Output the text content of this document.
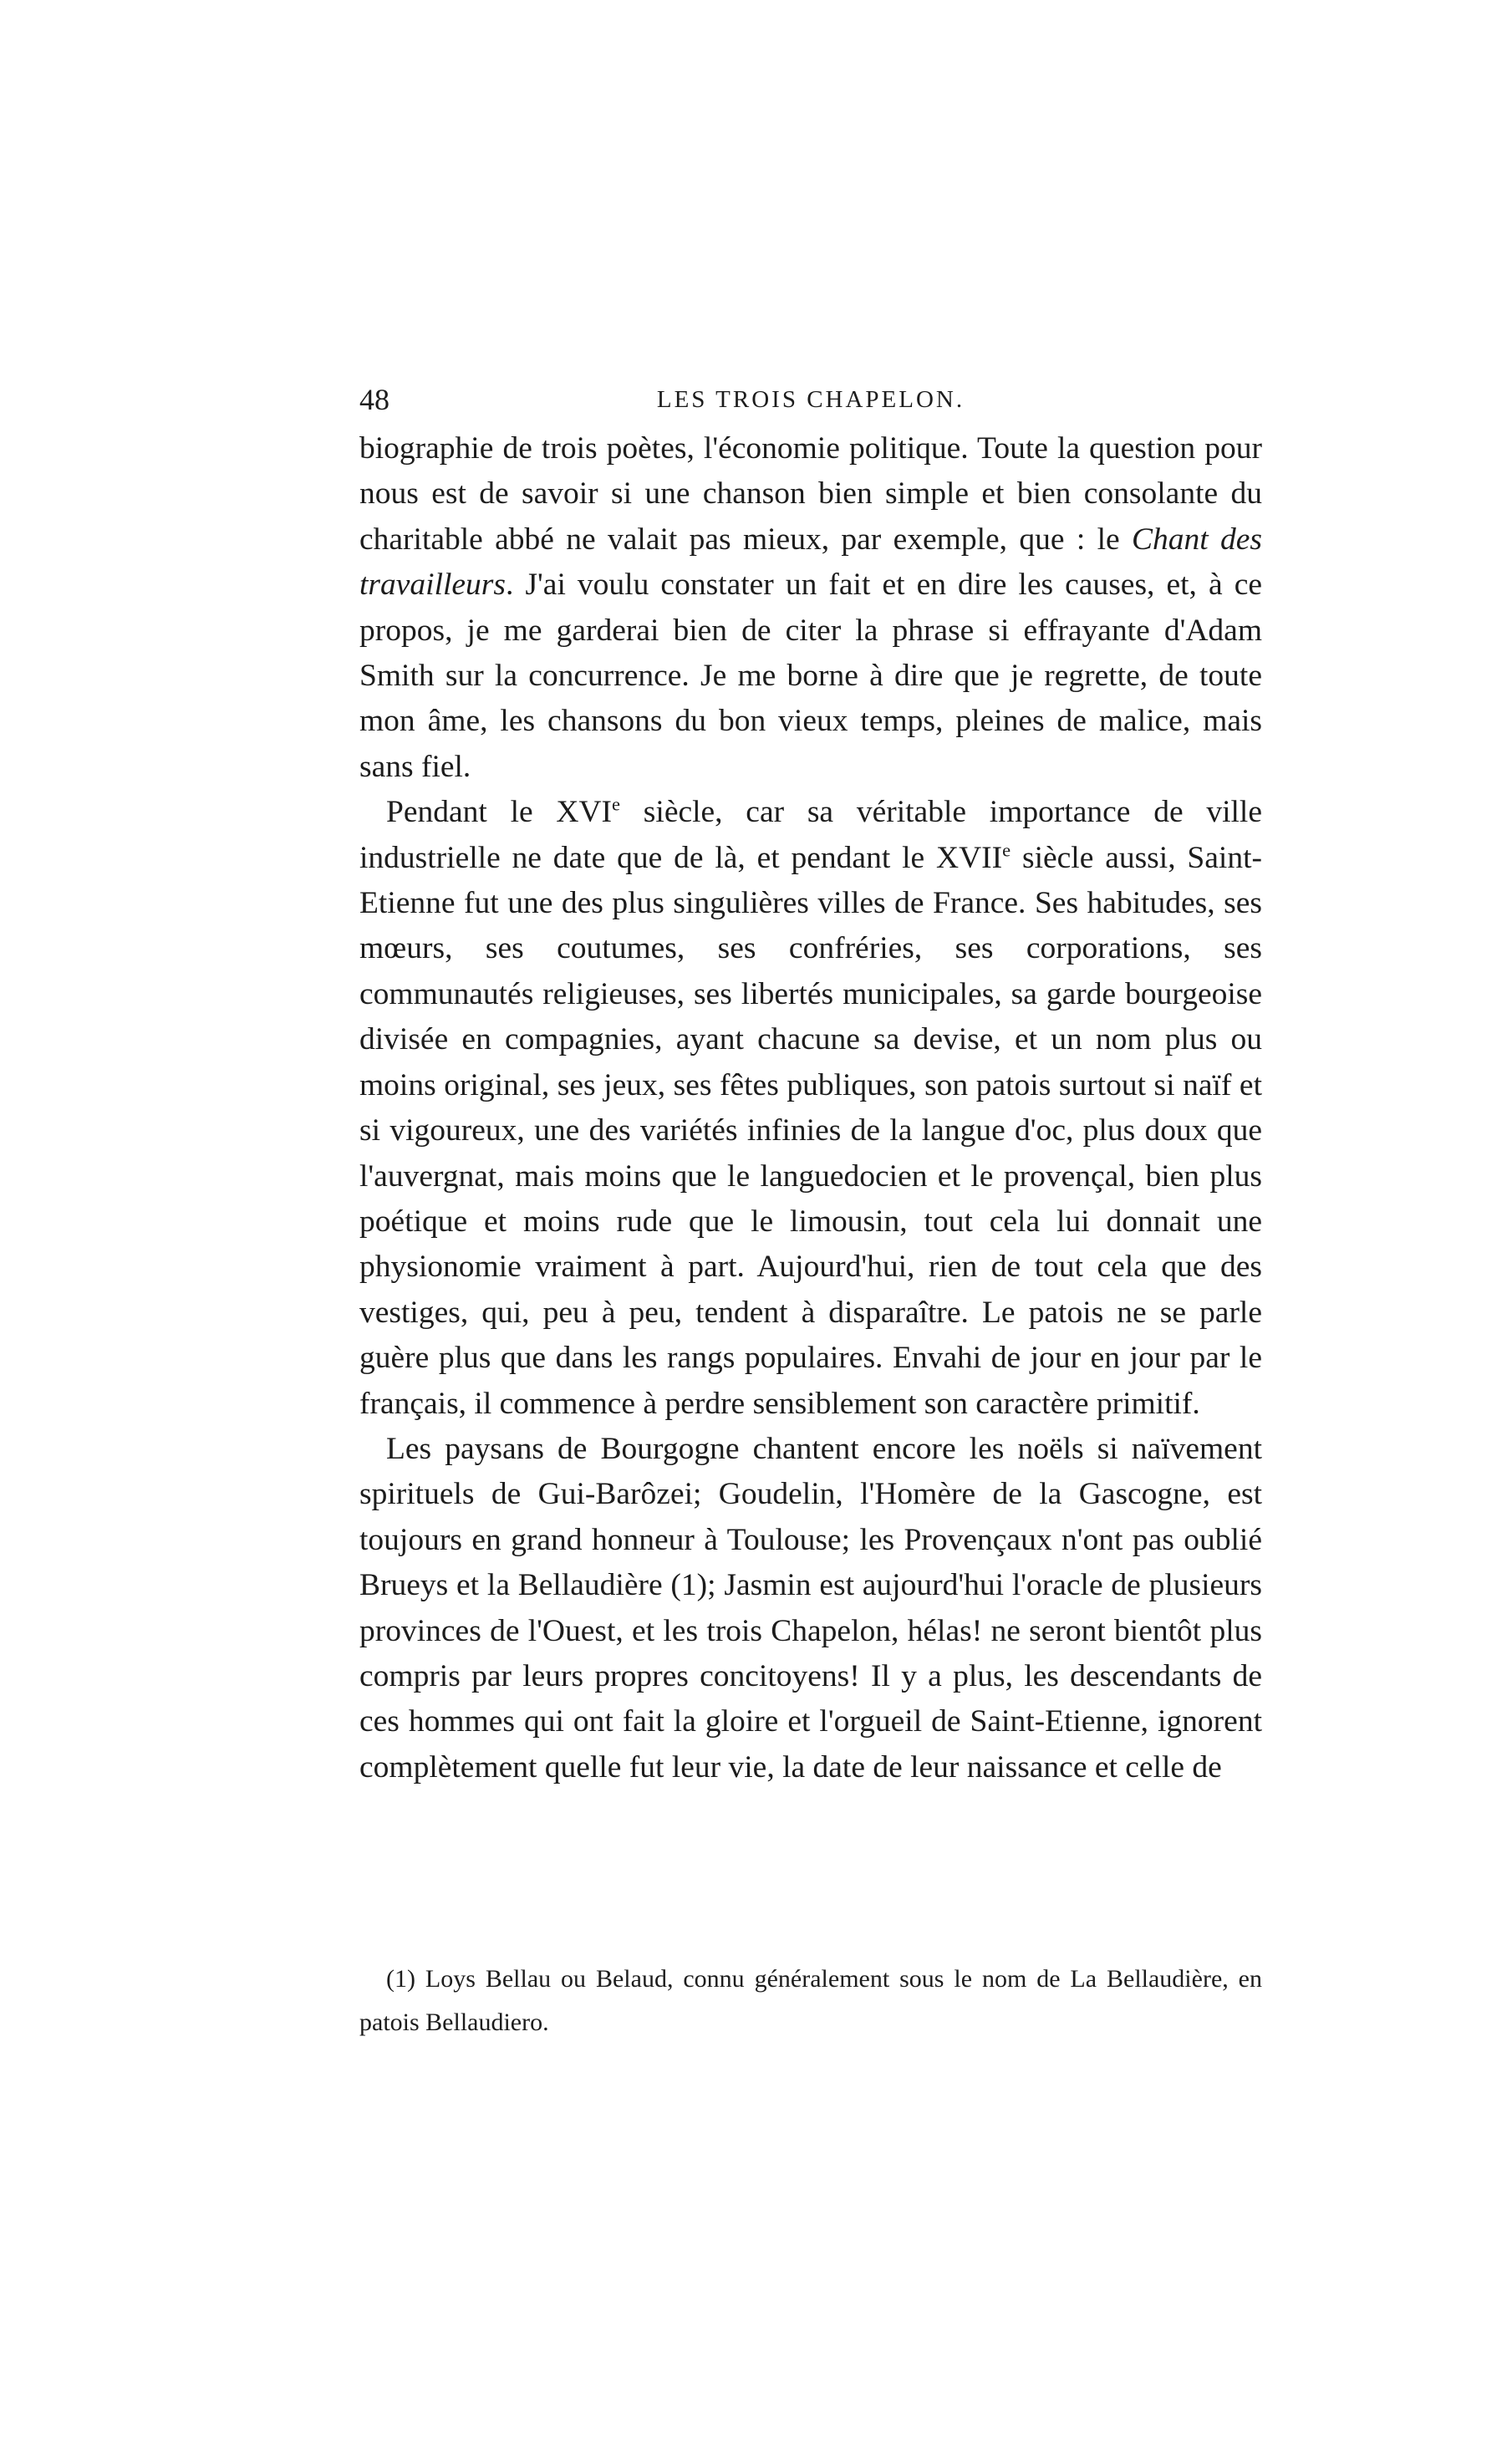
48	LES TROIS CHAPELON.

biographie de trois poètes, l'économie politique. Toute la question pour nous est de savoir si une chanson bien simple et bien consolante du charitable abbé ne valait pas mieux, par exemple, que : le Chant des travailleurs. J'ai voulu constater un fait et en dire les causes, et, à ce propos, je me garderai bien de citer la phrase si effrayante d'Adam Smith sur la concurrence. Je me borne à dire que je regrette, de toute mon âme, les chansons du bon vieux temps, pleines de malice, mais sans fiel.

Pendant le XVIe siècle, car sa véritable importance de ville industrielle ne date que de là, et pendant le XVIIe siècle aussi, Saint-Etienne fut une des plus singulières villes de France. Ses habitudes, ses mœurs, ses coutumes, ses confréries, ses corporations, ses communautés religieuses, ses libertés municipales, sa garde bourgeoise divisée en compagnies, ayant chacune sa devise, et un nom plus ou moins original, ses jeux, ses fêtes publiques, son patois surtout si naïf et si vigoureux, une des variétés infinies de la langue d'oc, plus doux que l'auvergnat, mais moins que le languedocien et le provençal, bien plus poétique et moins rude que le limousin, tout cela lui donnait une physionomie vraiment à part. Aujourd'hui, rien de tout cela que des vestiges, qui, peu à peu, tendent à disparaître. Le patois ne se parle guère plus que dans les rangs populaires. Envahi de jour en jour par le français, il commence à perdre sensiblement son caractère primitif.

Les paysans de Bourgogne chantent encore les noëls si naïvement spirituels de Gui-Barôzei; Goudelin, l'Homère de la Gascogne, est toujours en grand honneur à Toulouse; les Provençaux n'ont pas oublié Brueys et la Bellaudière (1); Jasmin est aujourd'hui l'oracle de plusieurs provinces de l'Ouest, et les trois Chapelon, hélas! ne seront bientôt plus compris par leurs propres concitoyens! Il y a plus, les descendants de ces hommes qui ont fait la gloire et l'orgueil de Saint-Etienne, ignorent complètement quelle fut leur vie, la date de leur naissance et celle de

(1) Loys Bellau ou Belaud, connu généralement sous le nom de La Bellaudière, en patois Bellaudiero.
